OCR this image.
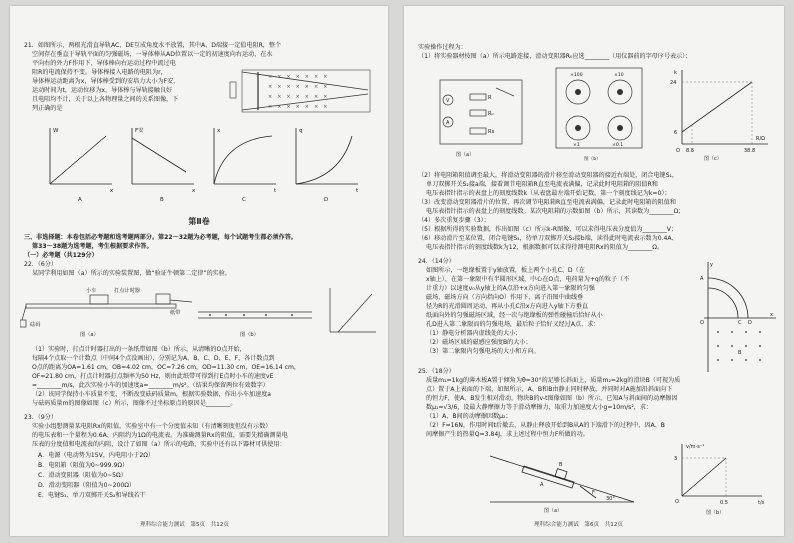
21．如图所示，两根光滑直导轨AC、DE互成角度水平放置，其中A、D端接一定值电阻R，整个
空间存在垂直于导轨平面的匀强磁场，一导体棒从AD位置以一定的初速度向右运动，在水
平向右的外力F作用下，导体棒向右运动过程中流过电
阻R的电流保持不变。导体棒接入电路的电阻为r，
导体棒运动距离为x，导体棒受到的安培力大小为F安，
运动时间为t，运动位移为x，导体棒与导轨接触良好
且电阻均不计，关于以上各物理量之间的关系图像，下
列正确的是
×　×　×　×　×　×　×
×　×　×　×　×　×　×
×　×　×　×　×　×　×
×　×　×　×　×　×　×
W	F安	x	q
x	x	t	t
A	B	C	D
第Ⅱ卷
三、非选择题：本卷包括必考题和选考题两部分。第22～32题为必考题，每个试题考生都必须作答。
第33～38题为选考题，考生根据要求作答。
（一）必考题（共129分）
22．（6分）
某同学利用如图（a）所示的实验装置图，做“验证牛顿第二定律”的实验。
小车	打点计时器
纸带
砝码
图（a）	图（b）
（1）实验时，打点计时器打出的一条纸带如图（b）所示，从清晰的O点开始，
每隔4个点取一个计数点（中间4个点没画出），分别记为A、B、C、D、E、F，各计数点到
O点的距离为OA=1.61 cm，OB=4.02 cm，OC=7.26 cm，OD=11.30 cm，OE=16.14 cm，
OF=21.80 cm，打点计时器打点频率为50 Hz，则由此纸带可得到打E点时小车的速度vE
=________m/s，此次实验小车的加速度a=________m/s²。（结果均保留两位有效数字）
（2）该同学保持小车质量不变，不断改变砝码质量m，根据实验数据，作出小车加速度a
与砝码质量m的图像如图（c）所示，图像不过坐标原点的原因是________。
23．（9分）
实验小组想测量某电阻Rx的阻值，实验室中有一个分度值未知（有清晰刻度但没有示数）
的电压表和一个量程为0.6A、内阻约为1Ω的电流表。为准确测量Rx的阻值，需要先精确测量电
压表的分度值和电流表的内阻，设计了如图（a）所示的电路，实验中还有以下器材可供使用：
A．电源（电动势为15V，内电阻小于2Ω）
B．电阻箱（阻值为0~999.9Ω）
C．滑动变阻器（阻值为0~5Ω）
D．滑动变阻器（阻值为0~200Ω）
E．电键S₁、单刀双掷开关S₂和导线若干
理科综合能力测试　第5页　共12页
实验操作过程为：
（1）将实验器材按图（a）所示电路连接，滑动变阻器R₀应选________（用仪器前的字母序号表示）；
V
A
R
R₀
Rx
图（a）
×100	×10
×1	×0.1
图（b）
k
24
6
8.8	38.8
R/Ω
O
图（c）
（2）将电阻箱阻值调至最大，将滑动变阻器的滑片移至滑动变阻器的接近右端处，闭合电键S₁，
单刀双掷开关S₂接a端，接着调节电阻箱R直至电流表满偏，记录此时电阻箱的阻值R和
电压表指针指示的表盘上的刻度线数k（从表盘最左端开始记数，第一个刻度线记为k=0）；
（3）改变滑动变阻器滑片的位置，再次调节电阻箱R直至电流表满偏，记录此时电阻箱的阻值和
电压表指针指示的表盘上的刻度线数。某次电阻箱的示数如图（b）所示，其读数为________Ω；
（4）多次重复步骤（3）；
（5）根据所得的实验数据，作出如图（c）所示k-R图像，可以求得电压表分度值为________V；
（6）移动滑片至某位置，闭合电键S₁，待单刀双掷开关S₂接b端，读得此时电流表示数为0.4A、
电压表指针指示的刻度线数k为12，根据数据可以求得待测电阻Rx的阻值为________Ω。
24．（14分）
如图所示，一绝缘板置于y轴放置，板上两个小孔C、D（在
x轴上），在第一象限中有半圆形区域，中心在O点，电荷量为+q的粒子（不
计重力）以速度v₀从y轴上的A点沿+x方向进入第一象限的匀强
磁场，磁场方向（方向指向O）作用下，离子沿图中曲线垂
径为R的光滑圆周运动，再从小孔C沿x方向进入y轴下方垂直
纸面向外的匀强磁场区域，经一次与绝缘板的弹性碰撞后恰好从小
孔D进入第二象限而的匀强电场，最后粒子恰好又经过A点，求：
（1）静电分析器内虚线处的大小；
（2）磁场区域的磁感应强度B的大小；
（3）第二象限内匀强电场的大小和方向。
y
A
C D
O
B
x
25．（18分）
质量m₁=1kg的薄木板A置于倾角为θ=30°的足够长斜面上，质量m₂=2kg的滑块B（可视为质
点）置于A上表面的下端，如图所示，A、B和B由静止同时释放，并同时对A施加沿斜面向下
的恒力F，使A、B发生相对滑动，物块B的v-t图像如图（b）所示，已知A与斜面间的动摩擦因
数μ₁=√3/6，设最大静摩擦力等于滑动摩擦力，取重力加速度大小g=10m/s²，求：
（1）A、B间的动摩擦因数μ₂；
（2）F=16N，作用时间t后撤去，从静止释放开始到B从A的下端滑下的过程中，因A、B
间摩擦产生的热量Q=3.84J，求上述过程中恒力F所做的功。
A
B
F
30°
图（a）
v/m·s⁻¹
3
O	0.5	t/s
图（b）
理科综合能力测试　第6页　共12页
